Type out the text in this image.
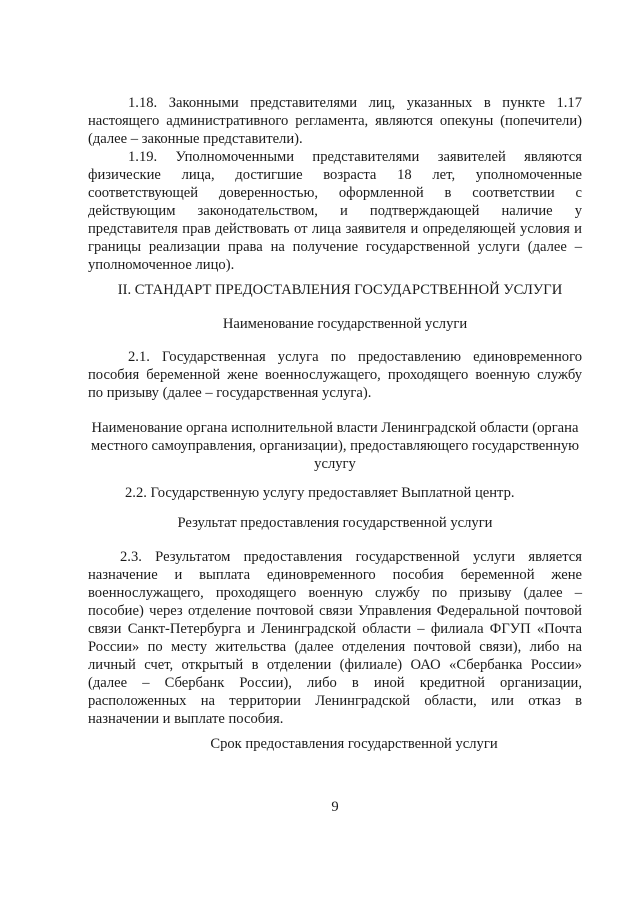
1.18. Законными представителями лиц, указанных в пункте 1.17
настоящего административного регламента, являются опекуны (попечители)
(далее – законные представители).
1.19. Уполномоченными представителями заявителей являются
физические лица, достигшие возраста 18 лет, уполномоченные
соответствующей доверенностью, оформленной в соответствии с
действующим законодательством, и подтверждающей наличие у
представителя прав действовать от лица заявителя и определяющей условия и
границы реализации права на получение государственной услуги (далее –
уполномоченное лицо).
II. СТАНДАРТ ПРЕДОСТАВЛЕНИЯ ГОСУДАРСТВЕННОЙ УСЛУГИ
Наименование государственной услуги
2.1. Государственная услуга по предоставлению единовременного
пособия беременной жене военнослужащего, проходящего военную службу
по призыву (далее – государственная услуга).
Наименование органа исполнительной власти Ленинградской области (органа
местного самоуправления, организации), предоставляющего государственную
услугу
2.2. Государственную услугу предоставляет Выплатной центр.
Результат предоставления государственной услуги
2.3. Результатом предоставления государственной услуги является
назначение и выплата единовременного пособия беременной жене
военнослужащего, проходящего военную службу по призыву (далее –
пособие) через отделение почтовой связи Управления Федеральной почтовой
связи Санкт-Петербурга и Ленинградской области – филиала ФГУП «Почта
России» по месту жительства (далее отделения почтовой связи), либо на
личный счет, открытый в отделении (филиале) ОАО «Сбербанка России»
(далее – Сбербанк России), либо в иной кредитной организации,
расположенных на территории Ленинградской области, или отказ в
назначении и выплате пособия.
Срок предоставления государственной услуги
9
